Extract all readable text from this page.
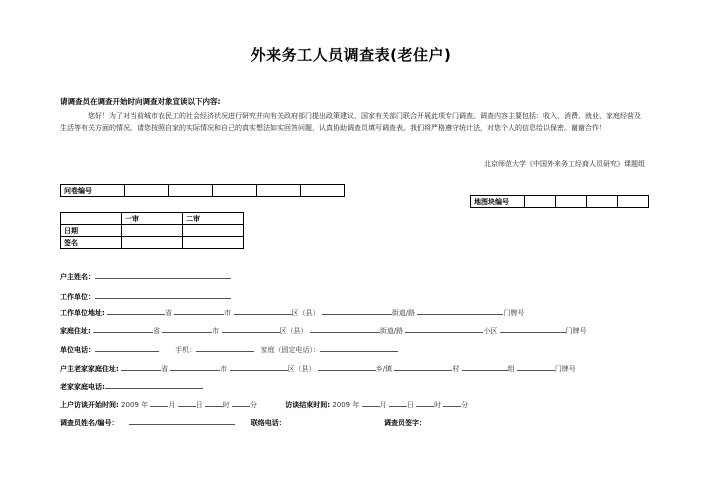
外来务工人员调查表(老住户)
请调查员在调查开始时向调查对象宣读以下内容:
您好！为了对当前城市农民工的社会经济状况进行研究并向有关政府部门提出政策建议，国家有关部门联合开展此项专门调查。调查内容主要包括：收入、消费、就业、家庭经营及生活等有关方面的情况。请您按照自家的实际情况和自己的真实想法如实回答问题，认真协助调查员填写调查表。我们将严格遵守统计法，对您个人的信息给以保密。谢谢合作！
北京师范大学《中国外来务工经商人员研究》课题组
问卷编号					
地图块编号				
	一审	二审
日期		
签名		
户主姓名：
工作单位：
工作单位地址:	省	市	区（县）	街道/路	门牌号
家庭住址:	省	市	区（县）	街道/路	小区	门牌号
单位电话：	手机：	家庭（固定电话）：
户主老家家庭住址:	省	市	区（县）	乡/镇	村	组	门牌号
老家家庭电话:
上户访谈开始时间: 2009 年	月	日	时	分	访谈结束时间: 2009 年	月	日	时	分
调查员姓名/编号：	联络电话：	调查员签字：
